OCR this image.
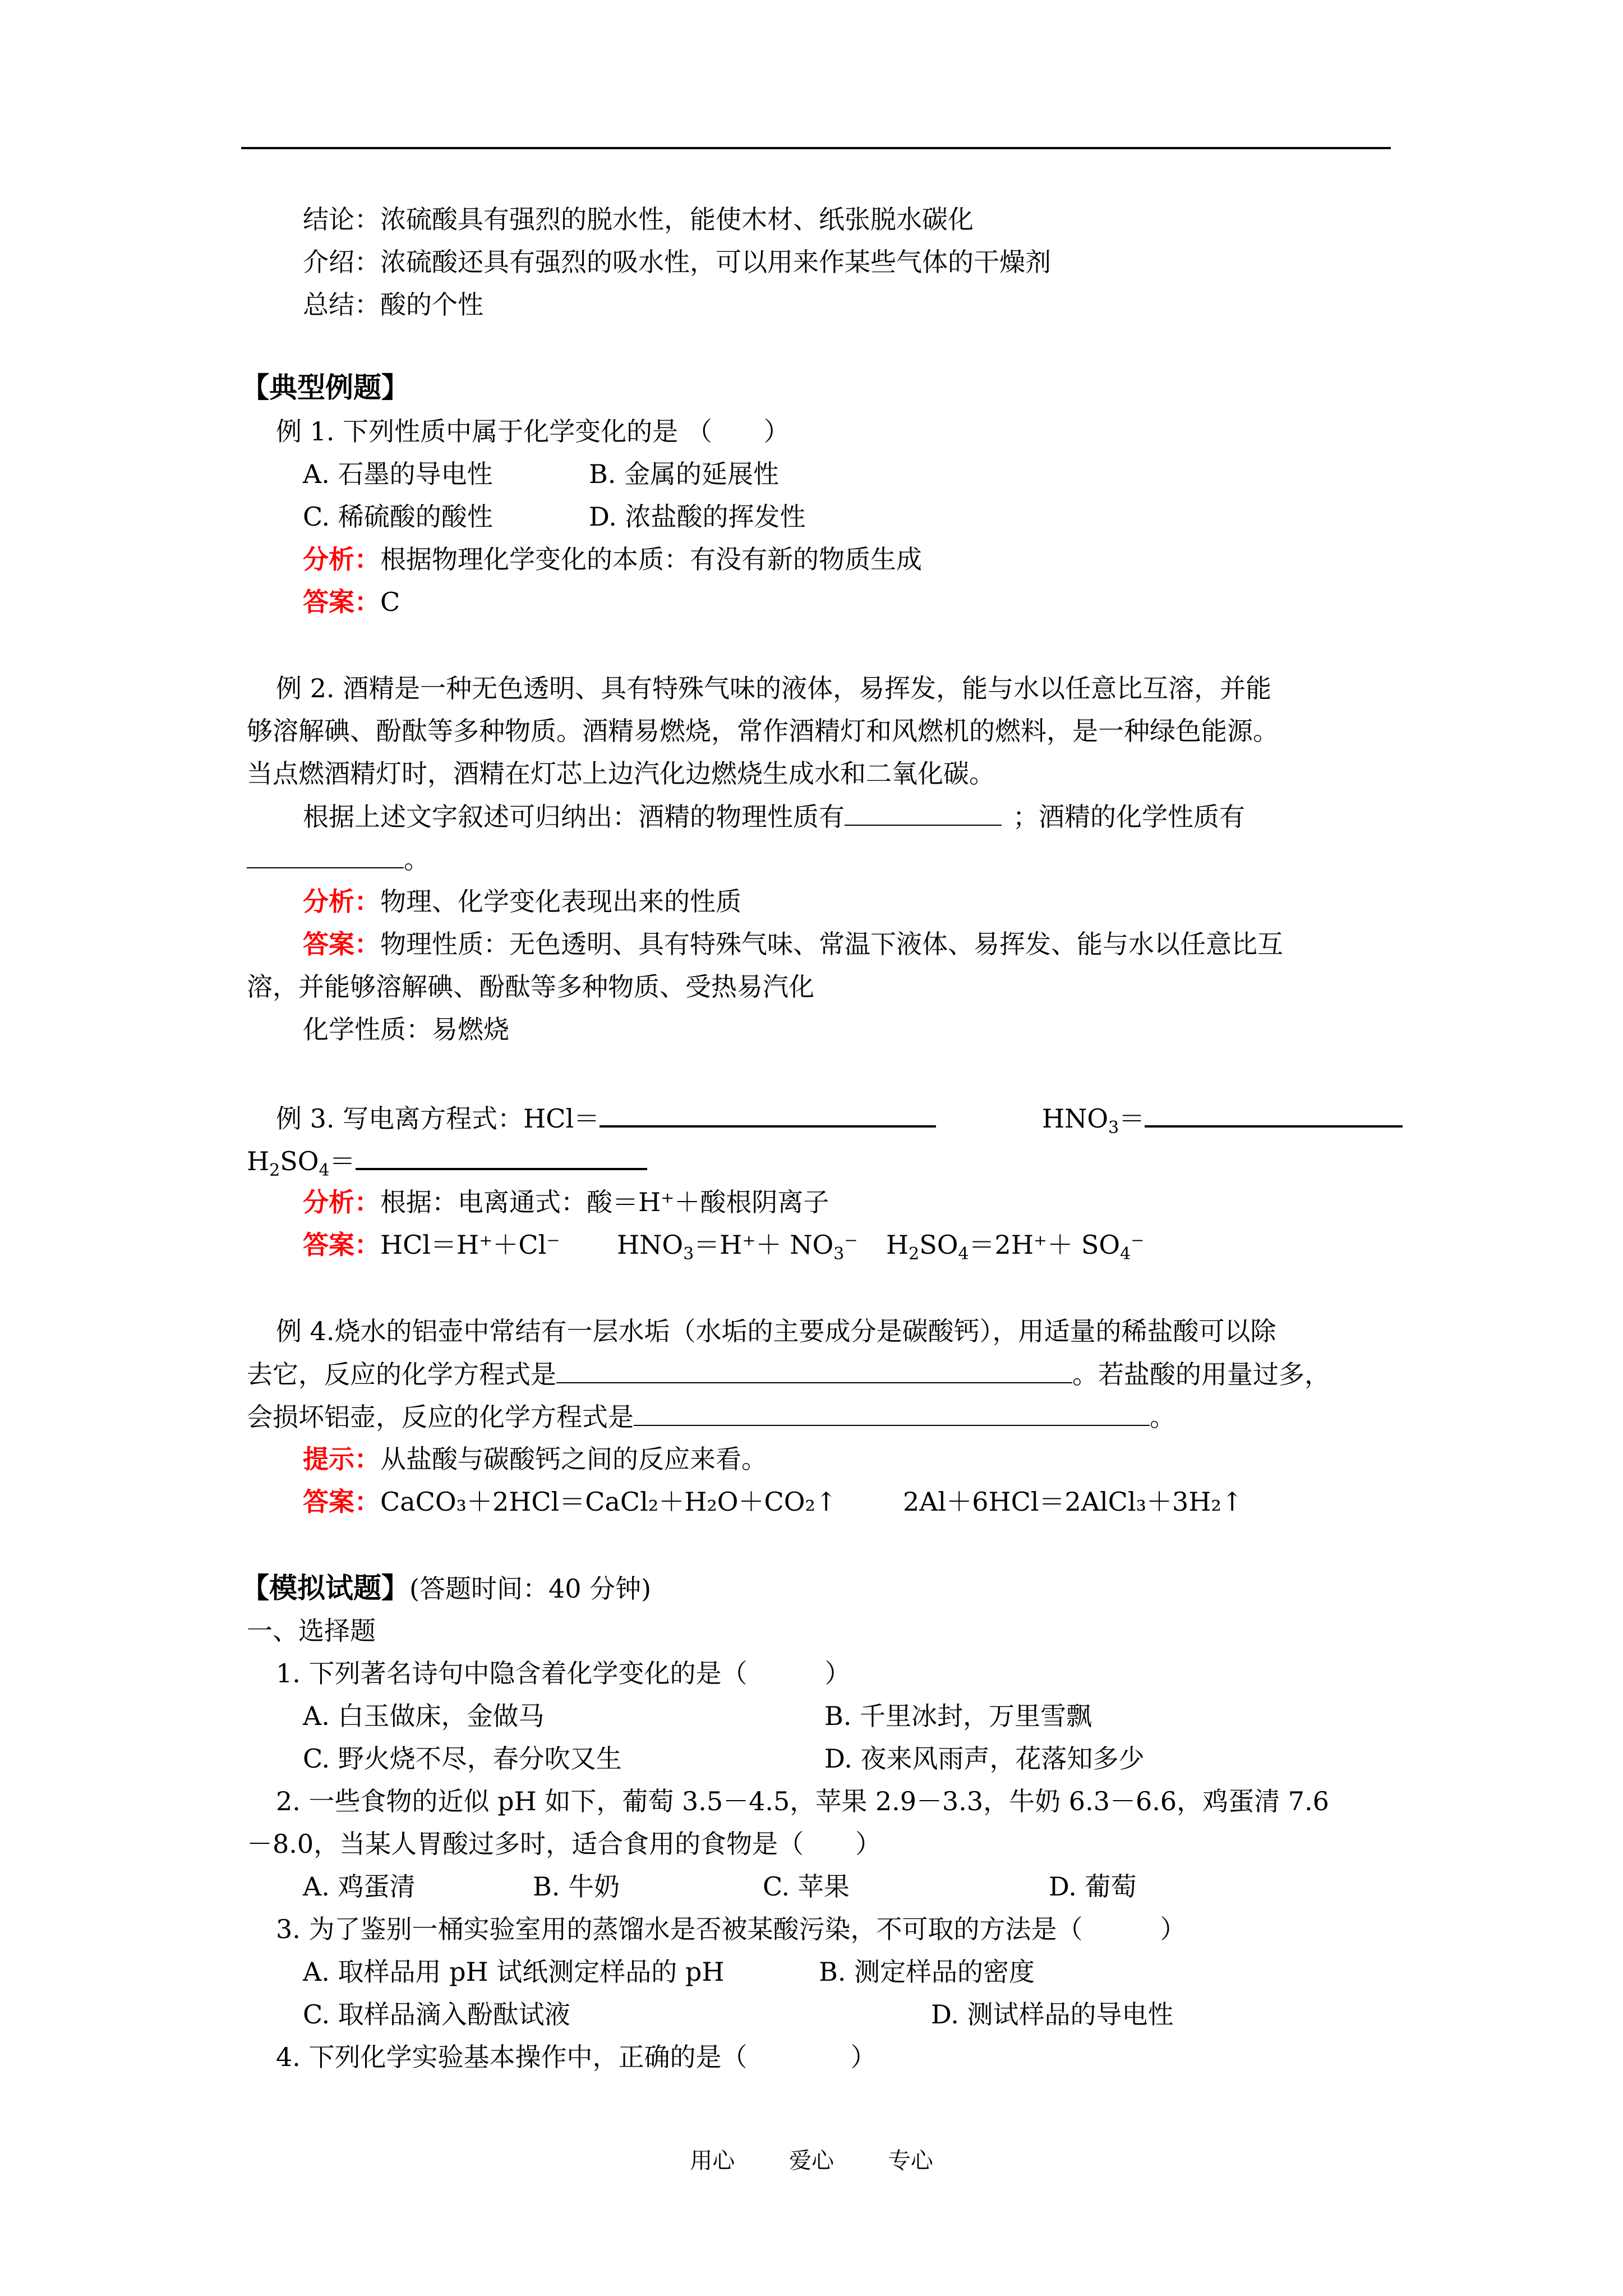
结论：浓硫酸具有强烈的脱水性，能使木材、纸张脱水碳化
介绍：浓硫酸还具有强烈的吸水性，可以用来作某些气体的干燥剂
总结：酸的个性
【典型例题】
例 1. 下列性质中属于化学变化的是 （　　）
A. 石墨的导电性	B. 金属的延展性
C. 稀硫酸的酸性	D. 浓盐酸的挥发性
分析：根据物理化学变化的本质：有没有新的物质生成
答案：C
例 2. 酒精是一种无色透明、具有特殊气味的液体，易挥发，能与水以任意比互溶，并能
够溶解碘、酚酞等多种物质。酒精易燃烧，常作酒精灯和风燃机的燃料，是一种绿色能源。
当点燃酒精灯时，酒精在灯芯上边汽化边燃烧生成水和二氧化碳。
根据上述文字叙述可归纳出：酒精的物理性质有	；酒精的化学性质有
。
分析：物理、化学变化表现出来的性质
答案：物理性质：无色透明、具有特殊气味、常温下液体、易挥发、能与水以任意比互
溶，并能够溶解碘、酚酞等多种物质、受热易汽化
化学性质：易燃烧
例 3. 写电离方程式：HCl＝	$HNO_3=$
$H_2SO_4=$
分析：根据：电离通式：酸＝H⁺＋酸根阴离子
答案：HCl＝H⁺＋Cl⁻ $HNO_3=H^++ NO_3^-$ $H_2SO_4=2H^++ SO_4^-$
例 4.烧水的铝壶中常结有一层水垢（水垢的主要成分是碳酸钙），用适量的稀盐酸可以除
去它，反应的化学方程式是	。若盐酸的用量过多，
会损坏铝壶，反应的化学方程式是	。
提示：从盐酸与碳酸钙之间的反应来看。
答案：CaCO₃＋2HCl＝CaCl₂＋H₂O＋CO₂↑	2Al＋6HCl＝2AlCl₃＋3H₂↑
【模拟试题】(答题时间：40 分钟)
一、选择题
1. 下列著名诗句中隐含着化学变化的是（　　　）
A. 白玉做床，金做马	B. 千里冰封，万里雪飘
C. 野火烧不尽，春分吹又生	D. 夜来风雨声，花落知多少
2. 一些食物的近似 pH 如下，葡萄 3.5－4.5，苹果 2.9－3.3，牛奶 6.3－6.6，鸡蛋清 7.6
－8.0，当某人胃酸过多时，适合食用的食物是（　　）
A. 鸡蛋清	B. 牛奶	C. 苹果	D. 葡萄
3. 为了鉴别一桶实验室用的蒸馏水是否被某酸污染，不可取的方法是（　　　）
A. 取样品用 pH 试纸测定样品的 pH	B. 测定样品的密度
C. 取样品滴入酚酞试液	D. 测试样品的导电性
4. 下列化学实验基本操作中，正确的是（　　　　）
用心 爱心 专心
